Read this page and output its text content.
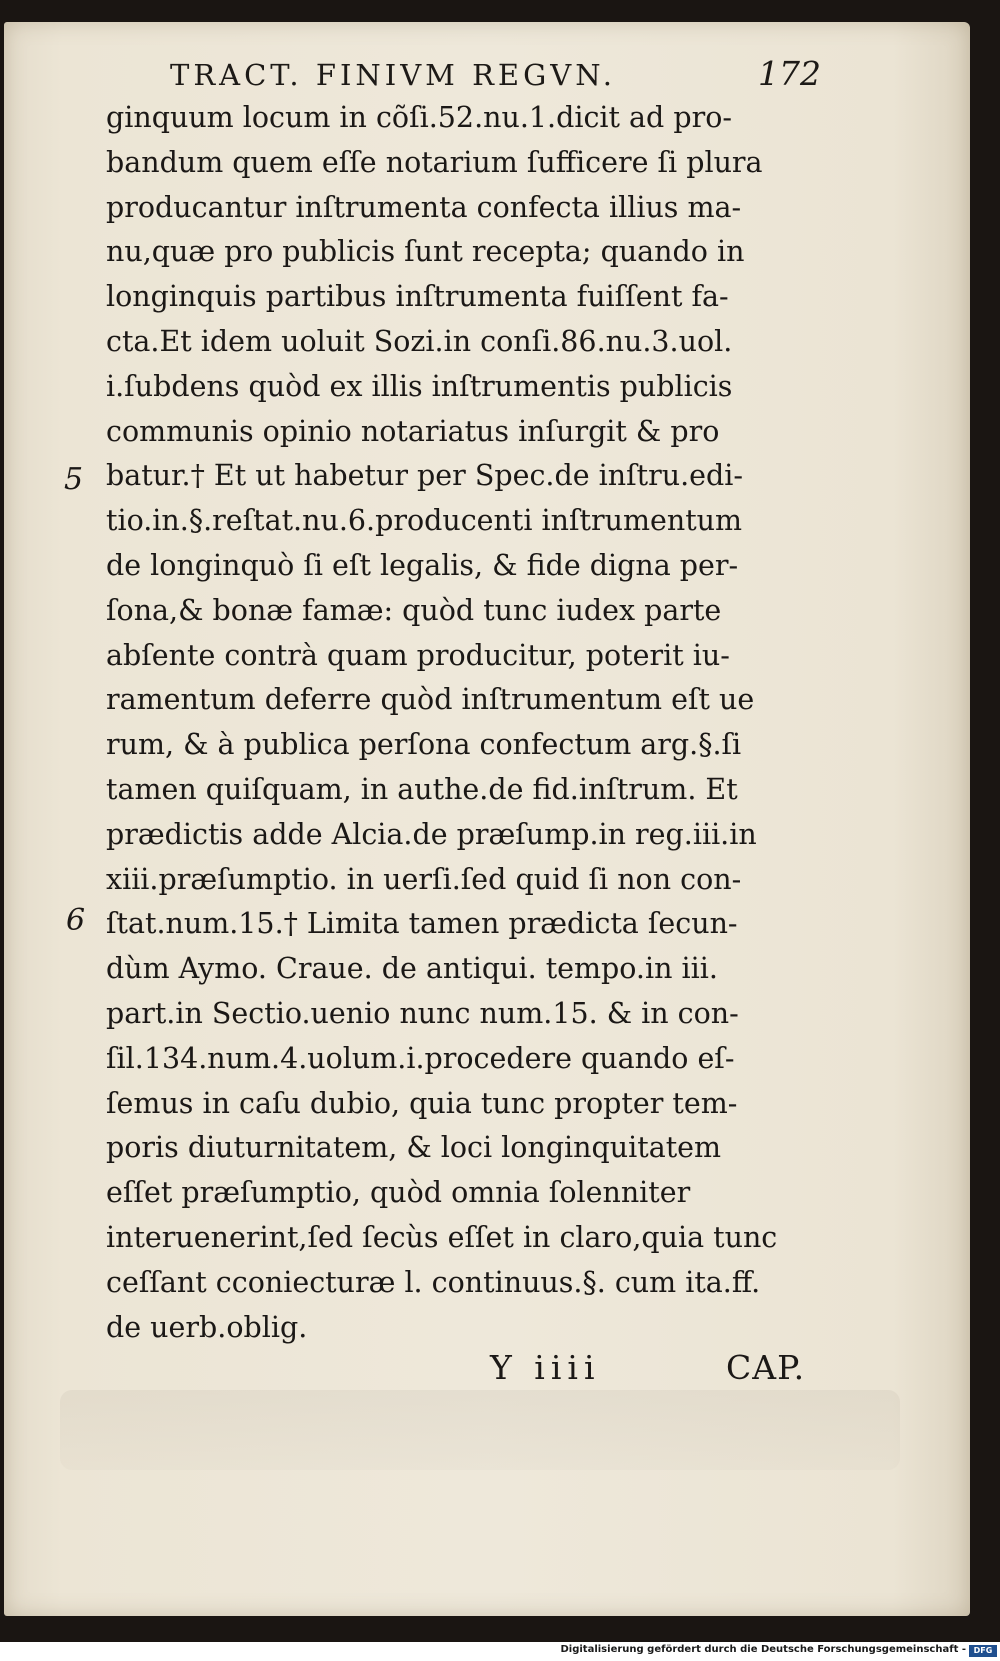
TRACT. FINIVM REGVN.	172
5
6
ginquum locum in cõſi.52.nu.1.dicit ad pro-
bandum quem eſſe notarium ſufficere ſi plura
producantur inſtrumenta confecta illius ma-
nu,quæ pro publicis ſunt recepta; quando in
longinquis partibus inſtrumenta fuiſſent fa-
cta.Et idem uoluit Sozi.in conſi.86.nu.3.uol.
i.ſubdens quòd ex illis inſtrumentis publicis
communis opinio notariatus inſurgit & pro
batur.† Et ut habetur per Spec.de inſtru.edi-
tio.in.§.reſtat.nu.6.producenti inſtrumentum
de longinquò ſi eſt legalis, & fide digna per-
ſona,& bonæ famæ: quòd tunc iudex parte
abſente contrà quam producitur, poterit iu-
ramentum deferre quòd inſtrumentum eſt ue
rum, & à publica perſona confectum arg.§.ſi
tamen quiſquam, in authe.de fid.inſtrum. Et
prædictis adde Alcia.de præſump.in reg.iii.in
xiii.præſumptio. in uerſi.ſed quid ſi non con-
ſtat.num.15.† Limita tamen prædicta ſecun-
dùm Aymo. Craue. de antiqui. tempo.in iii.
part.in Sectio.uenio nunc num.15. & in con-
ſil.134.num.4.uolum.i.procedere quando eſ-
ſemus in caſu dubio, quia tunc propter tem-
poris diuturnitatem, & loci longinquitatem
eſſet præſumptio, quòd omnia ſolenniter
interuenerint,ſed ſecùs eſſet in claro,quia tunc
ceſſant cconiecturæ l. continuus.§. cum ita.ff.
de uerb.oblig.
Y iiii	CAP.
Digitalisierung gefördert durch die Deutsche Forschungsgemeinschaft - DFG
